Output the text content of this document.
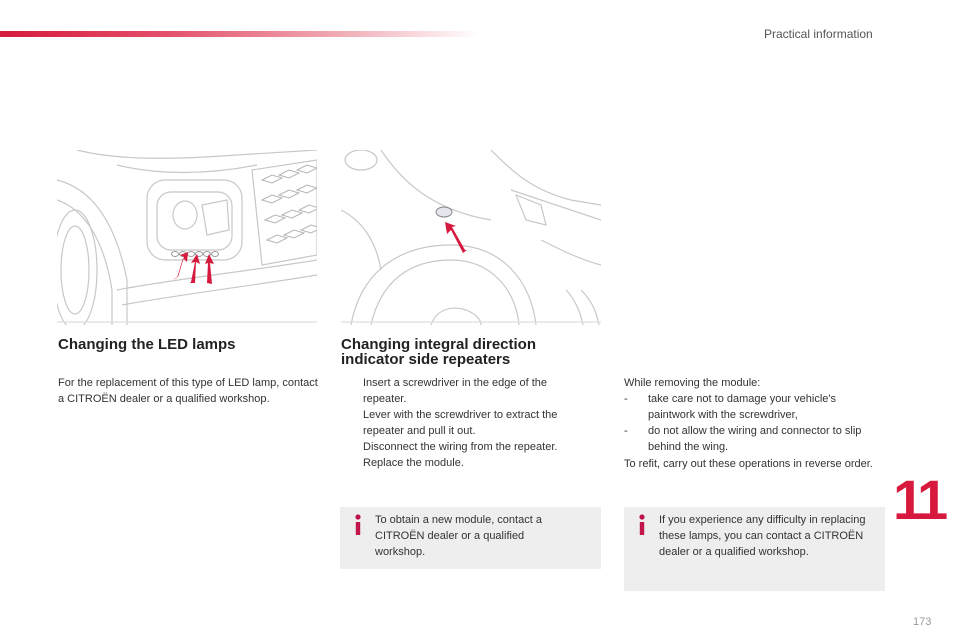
Practical information
Changing the LED lamps

For the replacement of this type of LED lamp, contact a CITROËN dealer or a qualified workshop.

Changing integral direction
indicator side repeaters
Insert a screwdriver in the edge of the repeater.
Lever with the screwdriver to extract the repeater and pull it out.
Disconnect the wiring from the repeater.
Replace the module.

To obtain a new module, contact a CITROËN dealer or a qualified workshop.

While removing the module:

- take care not to damage your vehicle's paintwork with the screwdriver,
- do not allow the wiring and connector to slip behind the wing.

To refit, carry out these operations in reverse order.

If you experience any difficulty in replacing these lamps, you can contact a CITROËN dealer or a qualified workshop.

11
173
